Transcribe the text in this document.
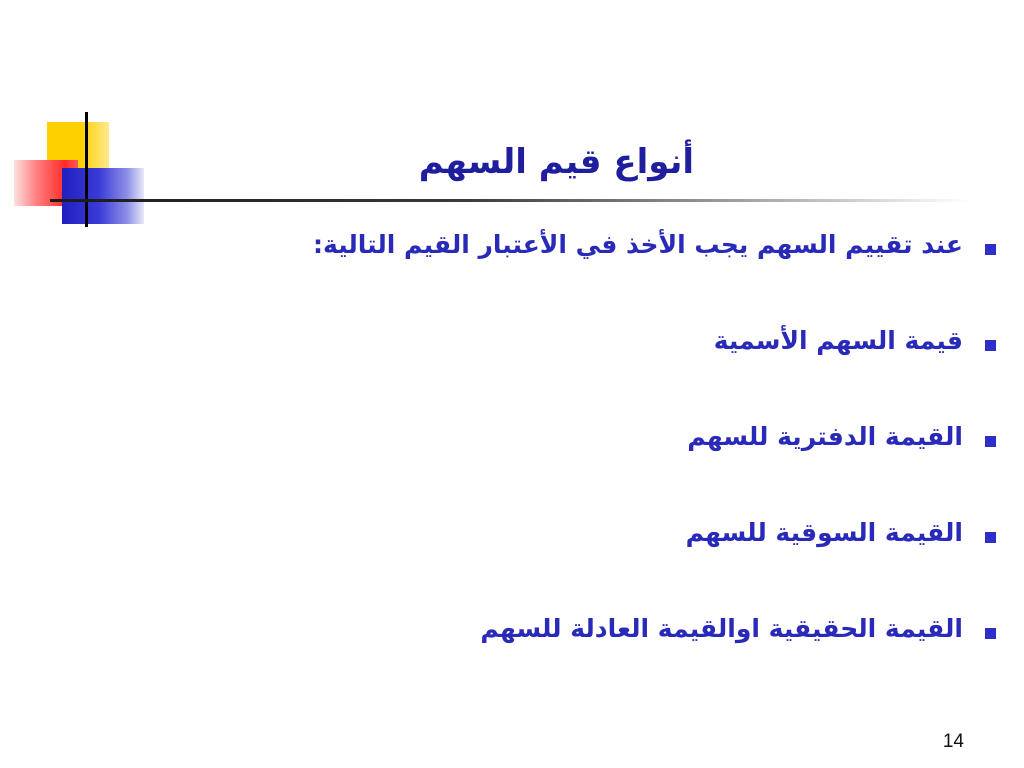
أنواع قيم السهم
عند تقييم السهم يجب الأخذ في الأعتبار القيم التالية:
قيمة السهم الأسمية
القيمة الدفترية للسهم
القيمة السوقية للسهم
القيمة الحقيقية اوالقيمة العادلة للسهم
14
